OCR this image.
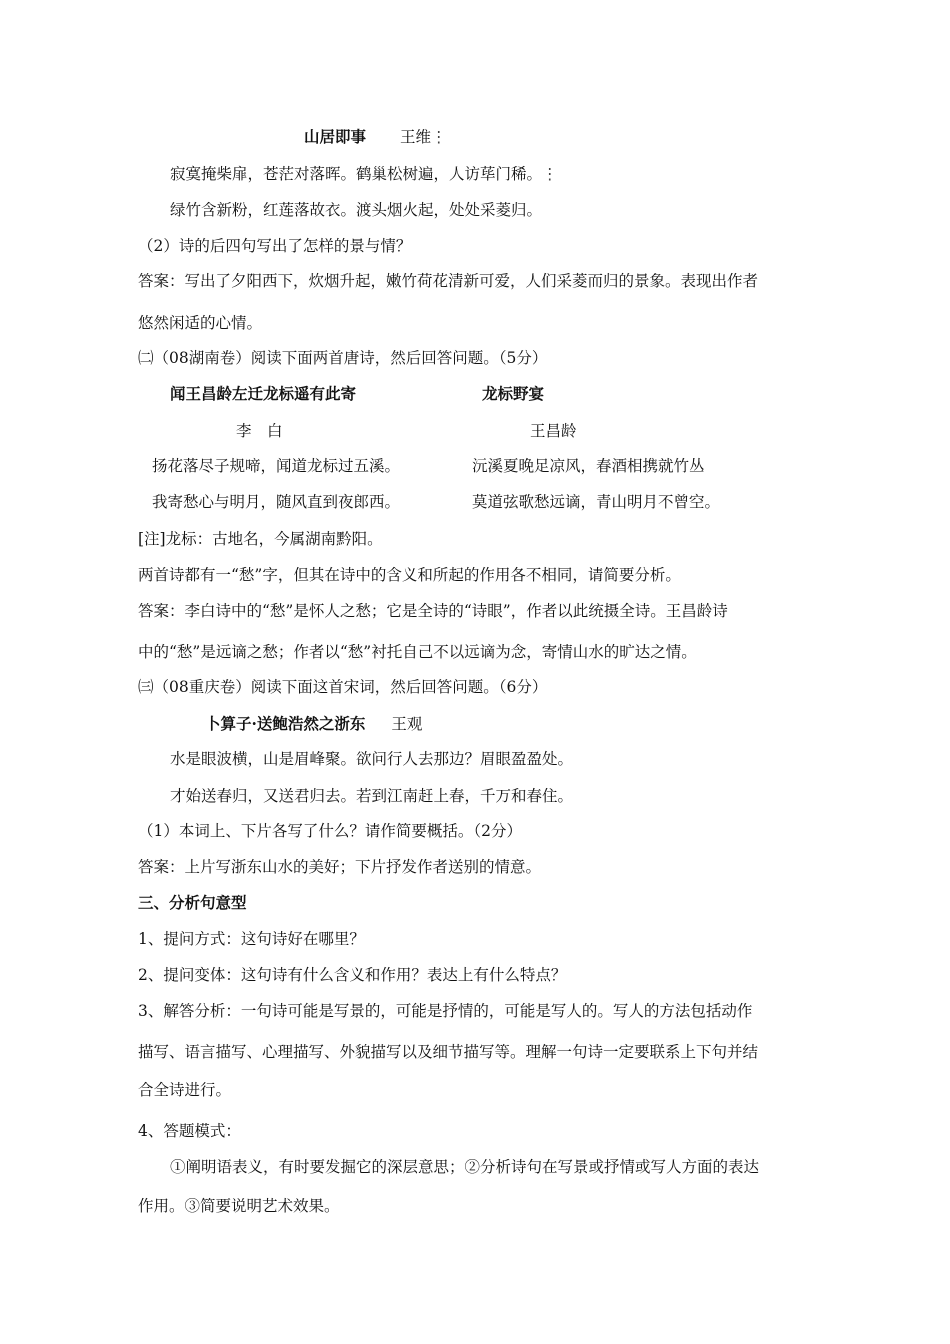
山居即事 王维⋮
寂寞掩柴扉，苍茫对落晖。鹤巢松树遍，人访荜门稀。⋮
绿竹含新粉，红莲落故衣。渡头烟火起，处处采菱归。
（2）诗的后四句写出了怎样的景与情？
答案：写出了夕阳西下，炊烟升起，嫩竹荷花清新可爱，人们采菱而归的景象。表现出作者
悠然闲适的心情。
㈡（08湖南卷）阅读下面两首唐诗，然后回答问题。（5分）
闻王昌龄左迁龙标遥有此寄	龙标野宴
李　白	王昌龄
扬花落尽子规啼，闻道龙标过五溪。	沅溪夏晚足凉风，春酒相携就竹丛
我寄愁心与明月，随风直到夜郎西。	莫道弦歌愁远谪，青山明月不曾空。
[注]龙标：古地名，今属湖南黔阳。
两首诗都有一“愁”字，但其在诗中的含义和所起的作用各不相同，请简要分析。
答案：李白诗中的“愁”是怀人之愁；它是全诗的“诗眼”，作者以此统摄全诗。王昌龄诗
中的“愁”是远谪之愁；作者以“愁”衬托自己不以远谪为念，寄情山水的旷达之情。
㈢（08重庆卷）阅读下面这首宋词，然后回答问题。（6分）
卜算子·送鲍浩然之浙东 王观
水是眼波横，山是眉峰聚。欲问行人去那边？眉眼盈盈处。
才始送春归，又送君归去。若到江南赶上春，千万和春住。
（1）本词上、下片各写了什么？请作简要概括。（2分）
答案：上片写浙东山水的美好；下片抒发作者送别的情意。
三、分析句意型
1、提问方式：这句诗好在哪里？
2、提问变体：这句诗有什么含义和作用？表达上有什么特点？
3、解答分析：一句诗可能是写景的，可能是抒情的，可能是写人的。写人的方法包括动作
描写、语言描写、心理描写、外貌描写以及细节描写等。理解一句诗一定要联系上下句并结
合全诗进行。
4、答题模式：
①阐明语表义，有时要发掘它的深层意思；②分析诗句在写景或抒情或写人方面的表达
作用。③简要说明艺术效果。
